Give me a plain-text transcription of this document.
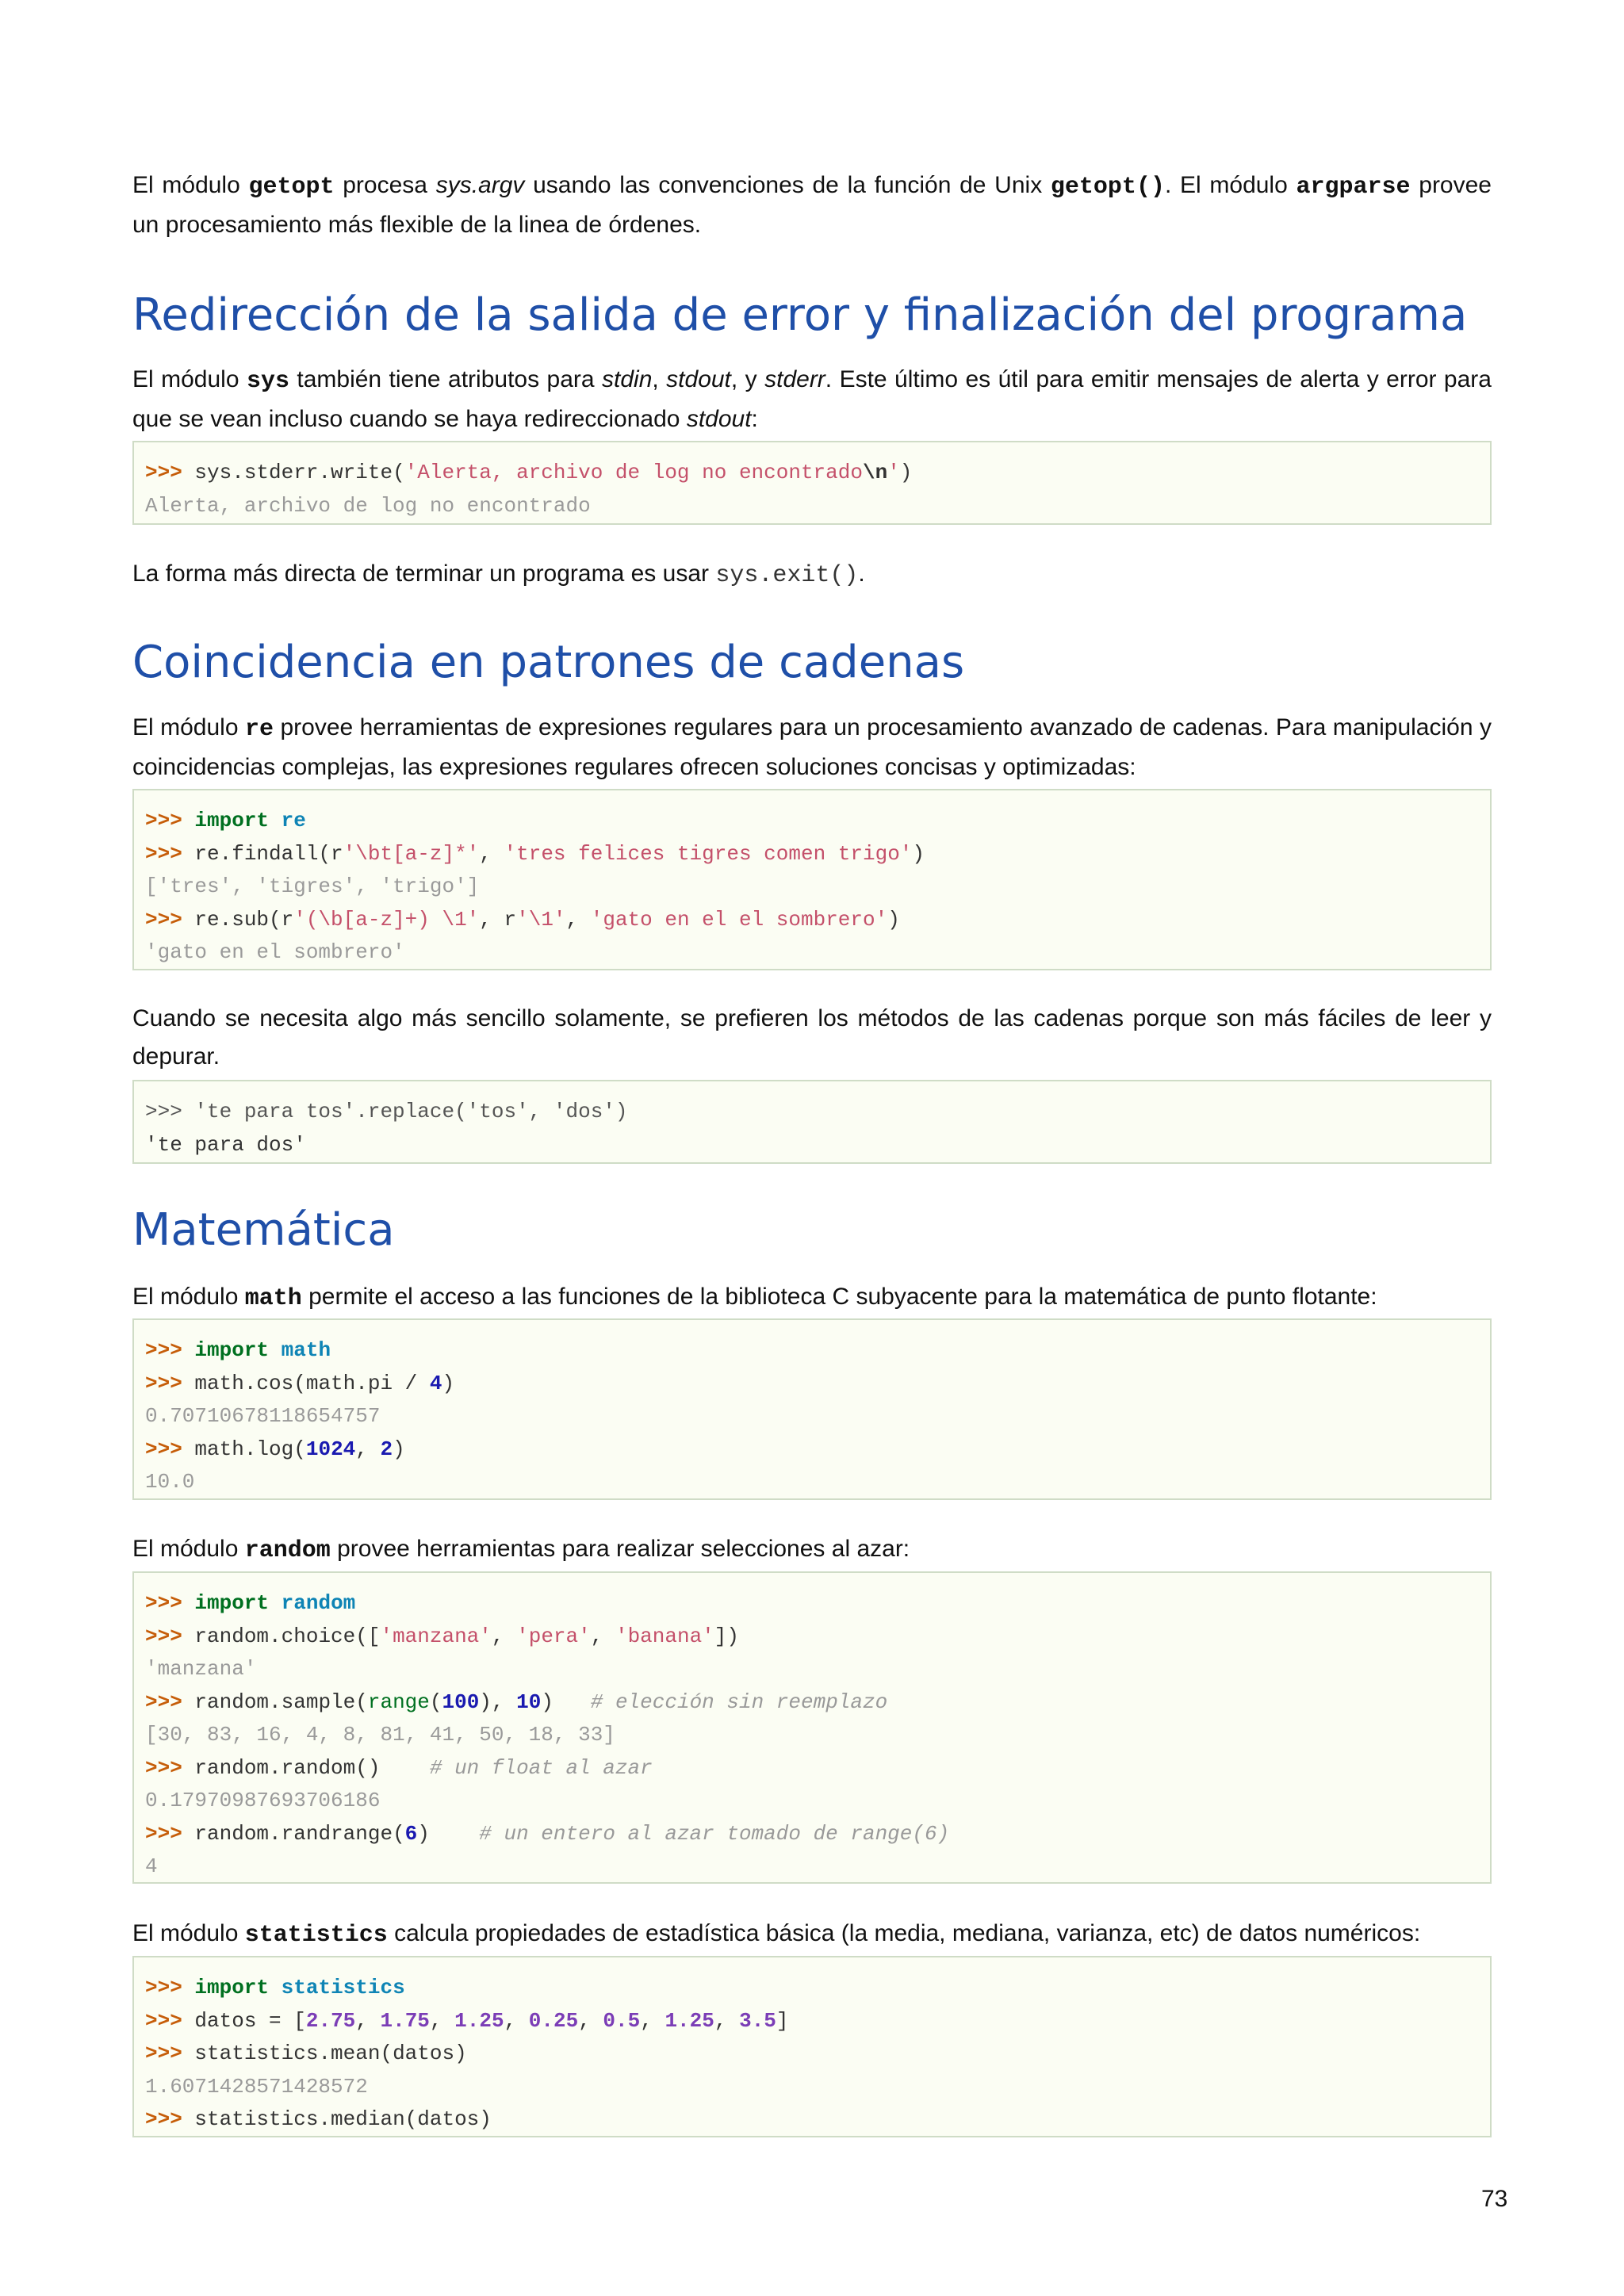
El módulo getopt procesa sys.argv usando las convenciones de la función de Unix getopt(). El módulo argparse provee un procesamiento más flexible de la linea de órdenes.

Redirección de la salida de error y finalización del programa

El módulo sys también tiene atributos para stdin, stdout, y stderr. Este último es útil para emitir mensajes de alerta y error para que se vean incluso cuando se haya redireccionado stdout:

>>> sys.stderr.write('Alerta, archivo de log no encontrado\n')
Alerta, archivo de log no encontrado

La forma más directa de terminar un programa es usar sys.exit().

Coincidencia en patrones de cadenas

El módulo re provee herramientas de expresiones regulares para un procesamiento avanzado de cadenas. Para manipulación y coincidencias complejas, las expresiones regulares ofrecen soluciones concisas y optimizadas:

>>> import re
>>> re.findall(r'\bt[a-z]*', 'tres felices tigres comen trigo')
['tres', 'tigres', 'trigo']
>>> re.sub(r'(\b[a-z]+) \1', r'\1', 'gato en el el sombrero')
'gato en el sombrero'

Cuando se necesita algo más sencillo solamente, se prefieren los métodos de las cadenas porque son más fáciles de leer y depurar.

>>> 'te para tos'.replace('tos', 'dos')
'te para dos'
Matemática

El módulo math permite el acceso a las funciones de la biblioteca C subyacente para la matemática de punto flotante:

>>> import math
>>> math.cos(math.pi / 4)
0.70710678118654757
>>> math.log(1024, 2)
10.0

El módulo random provee herramientas para realizar selecciones al azar:

>>> import random
>>> random.choice(['manzana', 'pera', 'banana'])
'manzana'
>>> random.sample(range(100), 10)   # elección sin reemplazo
[30, 83, 16, 4, 8, 81, 41, 50, 18, 33]
>>> random.random()    # un float al azar
0.17970987693706186
>>> random.randrange(6)    # un entero al azar tomado de range(6)
4

El módulo statistics calcula propiedades de estadística básica (la media, mediana, varianza, etc) de datos numéricos:

>>> import statistics
>>> datos = [2.75, 1.75, 1.25, 0.25, 0.5, 1.25, 3.5]
>>> statistics.mean(datos)
1.6071428571428572
>>> statistics.median(datos)
73
